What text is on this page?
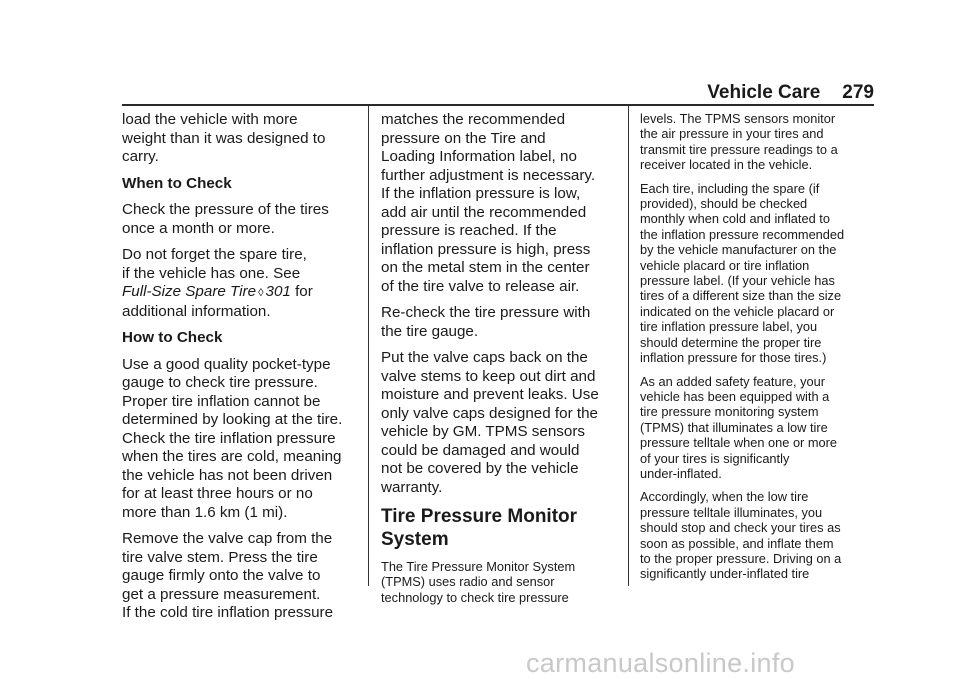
Vehicle Care 279

load the vehicle with more
weight than it was designed to
carry.

When to Check

Check the pressure of the tires
once a month or more.

Do not forget the spare tire,
if the vehicle has one. See
Full-Size Spare Tire ◊ 301 for
additional information.

How to Check

Use a good quality pocket-type
gauge to check tire pressure.
Proper tire inflation cannot be
determined by looking at the tire.
Check the tire inflation pressure
when the tires are cold, meaning
the vehicle has not been driven
for at least three hours or no
more than 1.6 km (1 mi).

Remove the valve cap from the
tire valve stem. Press the tire
gauge firmly onto the valve to
get a pressure measurement.
If the cold tire inflation pressure

matches the recommended
pressure on the Tire and
Loading Information label, no
further adjustment is necessary.
If the inflation pressure is low,
add air until the recommended
pressure is reached. If the
inflation pressure is high, press
on the metal stem in the center
of the tire valve to release air.

Re-check the tire pressure with
the tire gauge.

Put the valve caps back on the
valve stems to keep out dirt and
moisture and prevent leaks. Use
only valve caps designed for the
vehicle by GM. TPMS sensors
could be damaged and would
not be covered by the vehicle
warranty.

Tire Pressure Monitor
System

The Tire Pressure Monitor System
(TPMS) uses radio and sensor
technology to check tire pressure

levels. The TPMS sensors monitor
the air pressure in your tires and
transmit tire pressure readings to a
receiver located in the vehicle.

Each tire, including the spare (if
provided), should be checked
monthly when cold and inflated to
the inflation pressure recommended
by the vehicle manufacturer on the
vehicle placard or tire inflation
pressure label. (If your vehicle has
tires of a different size than the size
indicated on the vehicle placard or
tire inflation pressure label, you
should determine the proper tire
inflation pressure for those tires.)

As an added safety feature, your
vehicle has been equipped with a
tire pressure monitoring system
(TPMS) that illuminates a low tire
pressure telltale when one or more
of your tires is significantly
under-inflated.

Accordingly, when the low tire
pressure telltale illuminates, you
should stop and check your tires as
soon as possible, and inflate them
to the proper pressure. Driving on a
significantly under-inflated tire

carmanualsonline.info
